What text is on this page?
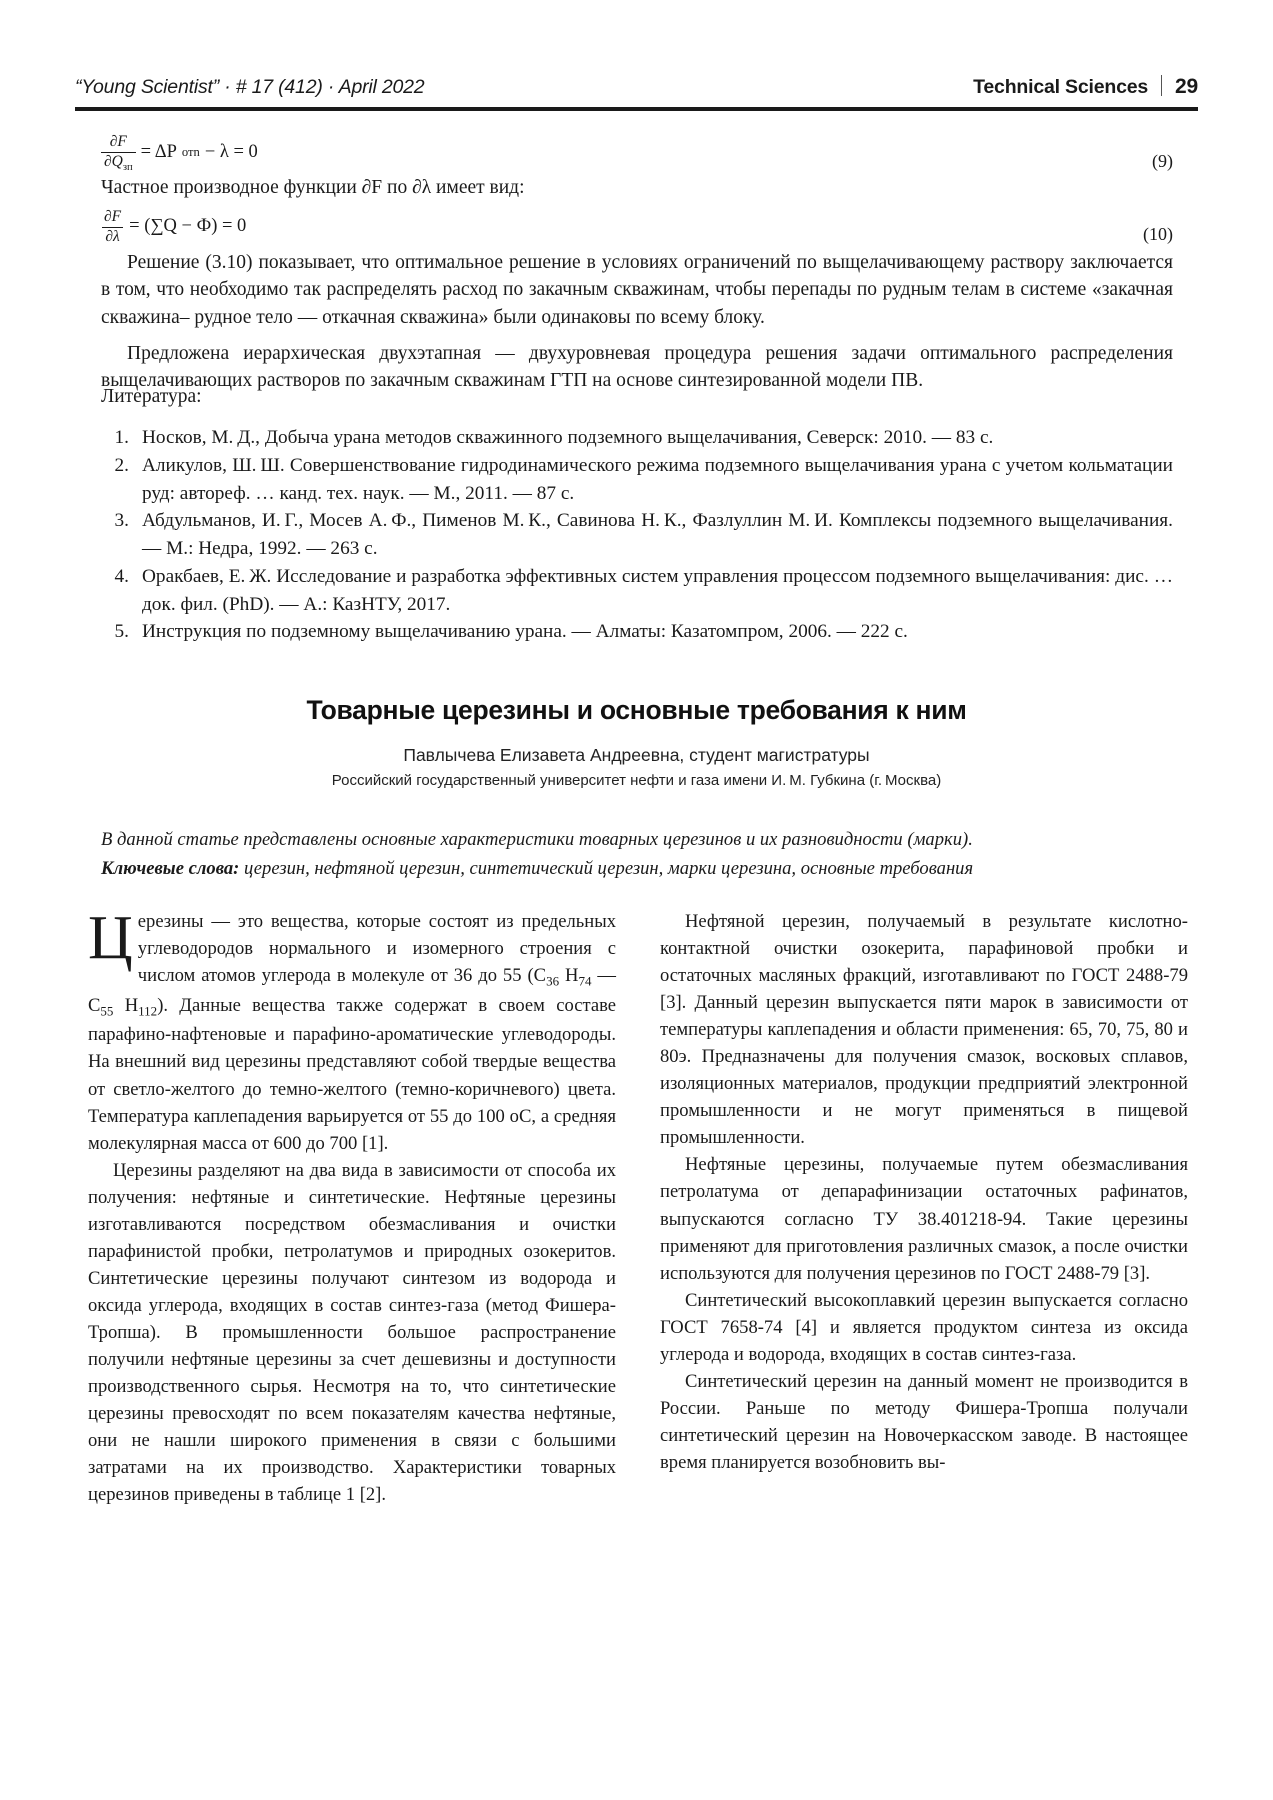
“Young Scientist” · # 17 (412) · April 2022	Technical Sciences 29
$\frac{\partial F}{\partial Q_{зп}} = \Delta P$ отn − λ = 0	(9)
Частное производное функции ∂F по ∂λ имеет вид:
$\frac{\partial F}{\partial\lambda} = (\sum Q - Ф) = 0$	(10)

Решение (3.10) показывает, что оптимальное решение в условиях ограничений по выщелачивающему раствору заключается в том, что необходимо так распределять расход по закачным скважинам, чтобы перепады по рудным телам в системе «закачная скважина– рудное тело — откачная скважина» были одинаковы по всему блоку.

Предложена иерархическая двухэтапная — двухуровневая процедура решения задачи оптимального распределения выщелачивающих растворов по закачным скважинам ГТП на основе синтезированной модели ПВ.

Литература:
1. Носков, М. Д., Добыча урана методов скважинного подземного выщелачивания, Северск: 2010. — 83 с.
2. Аликулов, Ш. Ш. Совершенствование гидродинамического режима подземного выщелачивания урана с учетом кольматации руд: автореф. … канд. тех. наук. — М., 2011. — 87 с.
3. Абдульманов, И. Г., Мосев А. Ф., Пименов М. К., Савинова Н. К., Фазлуллин М. И. Комплексы подземного выщелачивания. — М.: Недра, 1992. — 263 с.
4. Оракбаев, Е. Ж. Исследование и разработка эффективных систем управления процессом подземного выщелачивания: дис. … док. фил. (PhD). — А.: КазНТУ, 2017.
5. Инструкция по подземному выщелачиванию урана. — Алматы: Казатомпром, 2006. — 222 с.
Товарные церезины и основные требования к ним
Павлычева Елизавета Андреевна, студент магистратуры
Российский государственный университет нефти и газа имени И. М. Губкина (г. Москва)
В данной статье представлены основные характеристики товарных церезинов и их разновидности (марки).
Ключевые слова: церезин, нефтяной церезин, синтетический церезин, марки церезина, основные требования

Церезины — это вещества, которые состоят из предельных углеводородов нормального и изомерного строения с числом атомов углерода в молекуле от 36 до 55 ($C_{36}$ $H_{74}$ — $C_{55}$ $H_{112}$). Данные вещества также содержат в своем составе парафино-нафтеновые и парафино-ароматические углеводороды. На внешний вид церезины представляют собой твердые вещества от светло-желтого до темно-желтого (темно-коричневого) цвета. Температура каплепадения варьируется от 55 до 100 оC, а средняя молекулярная масса от 600 до 700 [1].

Церезины разделяют на два вида в зависимости от способа их получения: нефтяные и синтетические. Нефтяные церезины изготавливаются посредством обезмасливания и очистки парафинистой пробки, петролатумов и природных озокеритов. Синтетические церезины получают синтезом из водорода и оксида углерода, входящих в состав синтез-газа (метод Фишера-Тропша). В промышленности большое распространение получили нефтяные церезины за счет дешевизны и доступности производственного сырья. Несмотря на то, что синтетические церезины превосходят по всем показателям качества нефтяные, они не нашли широкого применения в связи с большими затратами на их производство. Характеристики товарных церезинов приведены в таблице 1 [2].

Нефтяной церезин, получаемый в результате кислотно-контактной очистки озокерита, парафиновой пробки и остаточных масляных фракций, изготавливают по ГОСТ 2488-79 [3]. Данный церезин выпускается пяти марок в зависимости от температуры каплепадения и области применения: 65, 70, 75, 80 и 80э. Предназначены для получения смазок, восковых сплавов, изоляционных материалов, продукции предприятий электронной промышленности и не могут применяться в пищевой промышленности.

Нефтяные церезины, получаемые путем обезмасливания петролатума от депарафинизации остаточных рафинатов, выпускаются согласно ТУ 38.401218-94. Такие церезины применяют для приготовления различных смазок, а после очистки используются для получения церезинов по ГОСТ 2488-79 [3].

Синтетический высокоплавкий церезин выпускается согласно ГОСТ 7658-74 [4] и является продуктом синтеза из оксида углерода и водорода, входящих в состав синтез-газа.

Синтетический церезин на данный момент не производится в России. Раньше по методу Фишера-Тропша получали синтетический церезин на Новочеркасском заводе. В настоящее время планируется возобновить вы-
